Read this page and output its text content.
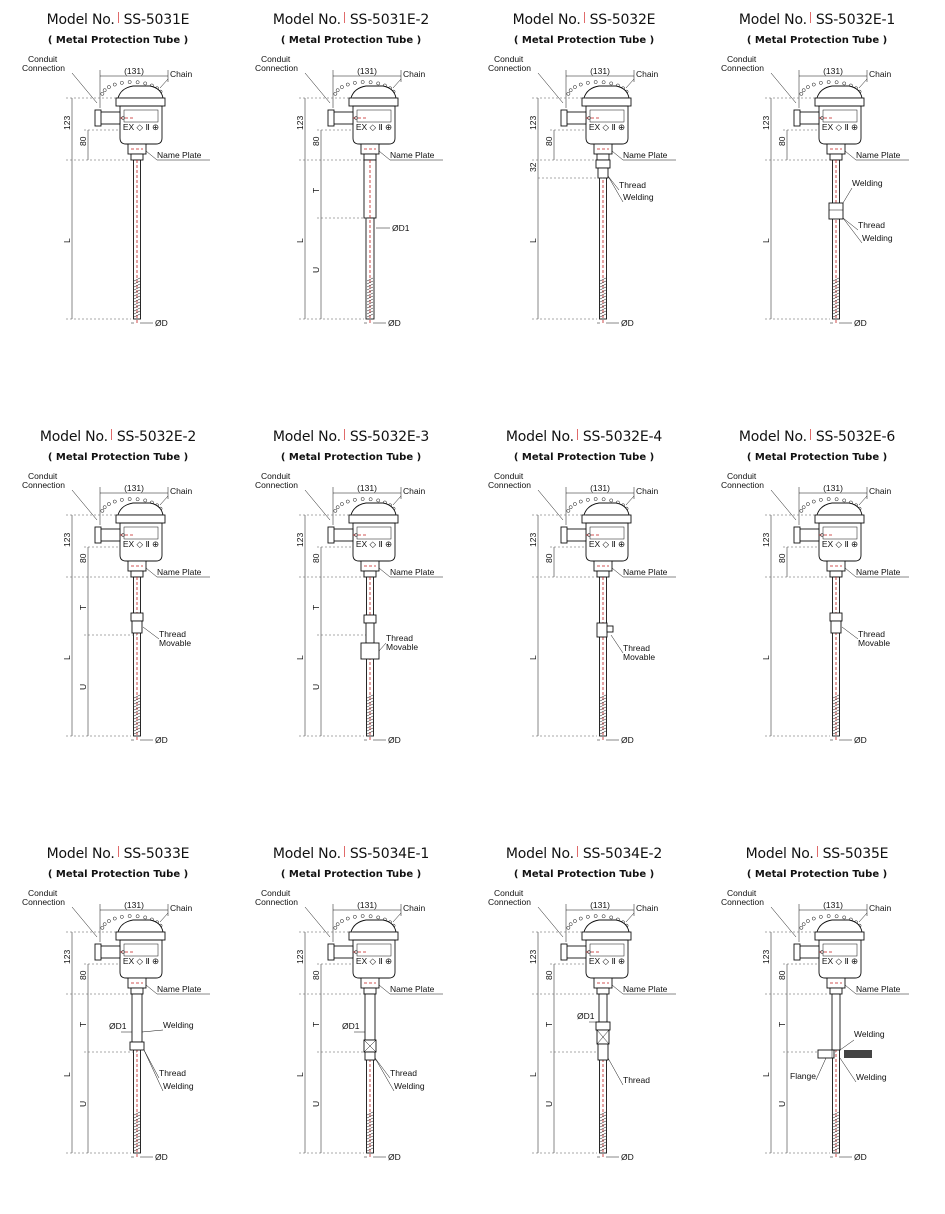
Model No. SS-5031E
( Metal Protection Tube )
Conduit
Connection	(131)	Chain
EX ◇ Ⅱ ⊕
Name Plate
123
80
L
ØD
Model No. SS-5031E-2
( Metal Protection Tube )
Conduit
Connection	(131)	Chain
EX ◇ Ⅱ ⊕
Name Plate
123
80
L
ØD
T
U
ØD1
Model No. SS-5032E
( Metal Protection Tube )
Conduit
Connection	(131)	Chain
EX ◇ Ⅱ ⊕
Name Plate
123
80
L
ØD
32
Thread
Welding
Model No. SS-5032E-1
( Metal Protection Tube )
Conduit
Connection	(131)	Chain
EX ◇ Ⅱ ⊕
Name Plate
123
80
L
ØD
Welding
Thread
Welding
Model No. SS-5032E-2
( Metal Protection Tube )
Conduit
Connection	(131)	Chain
EX ◇ Ⅱ ⊕
Name Plate
123
80
L
ØD
T
U
Thread
Movable
Model No. SS-5032E-3
( Metal Protection Tube )
Conduit
Connection	(131)	Chain
EX ◇ Ⅱ ⊕
Name Plate
123
80
L
ØD
T
U
Thread
Movable
Model No. SS-5032E-4
( Metal Protection Tube )
Conduit
Connection	(131)	Chain
EX ◇ Ⅱ ⊕
Name Plate
123
80
L
ØD
Thread
Movable
Model No. SS-5032E-6
( Metal Protection Tube )
Conduit
Connection	(131)	Chain
EX ◇ Ⅱ ⊕
Name Plate
123
80
L
ØD
Thread
Movable
Model No. SS-5033E
( Metal Protection Tube )
Conduit
Connection	(131)	Chain
EX ◇ Ⅱ ⊕
Name Plate
123
80
L
ØD
T
U
ØD1	Welding
Thread
Welding
Model No. SS-5034E-1
( Metal Protection Tube )
Conduit
Connection	(131)	Chain
EX ◇ Ⅱ ⊕
Name Plate
123
80
L
ØD
T
U
ØD1
Thread
Welding
Model No. SS-5034E-2
( Metal Protection Tube )
Conduit
Connection	(131)	Chain
EX ◇ Ⅱ ⊕
Name Plate
123
80
L
ØD
T
U
ØD1
Thread
Model No. SS-5035E
( Metal Protection Tube )
Conduit
Connection	(131)	Chain
EX ◇ Ⅱ ⊕
Name Plate
123
80
L
ØD
T
U
Welding
Flange	Welding
